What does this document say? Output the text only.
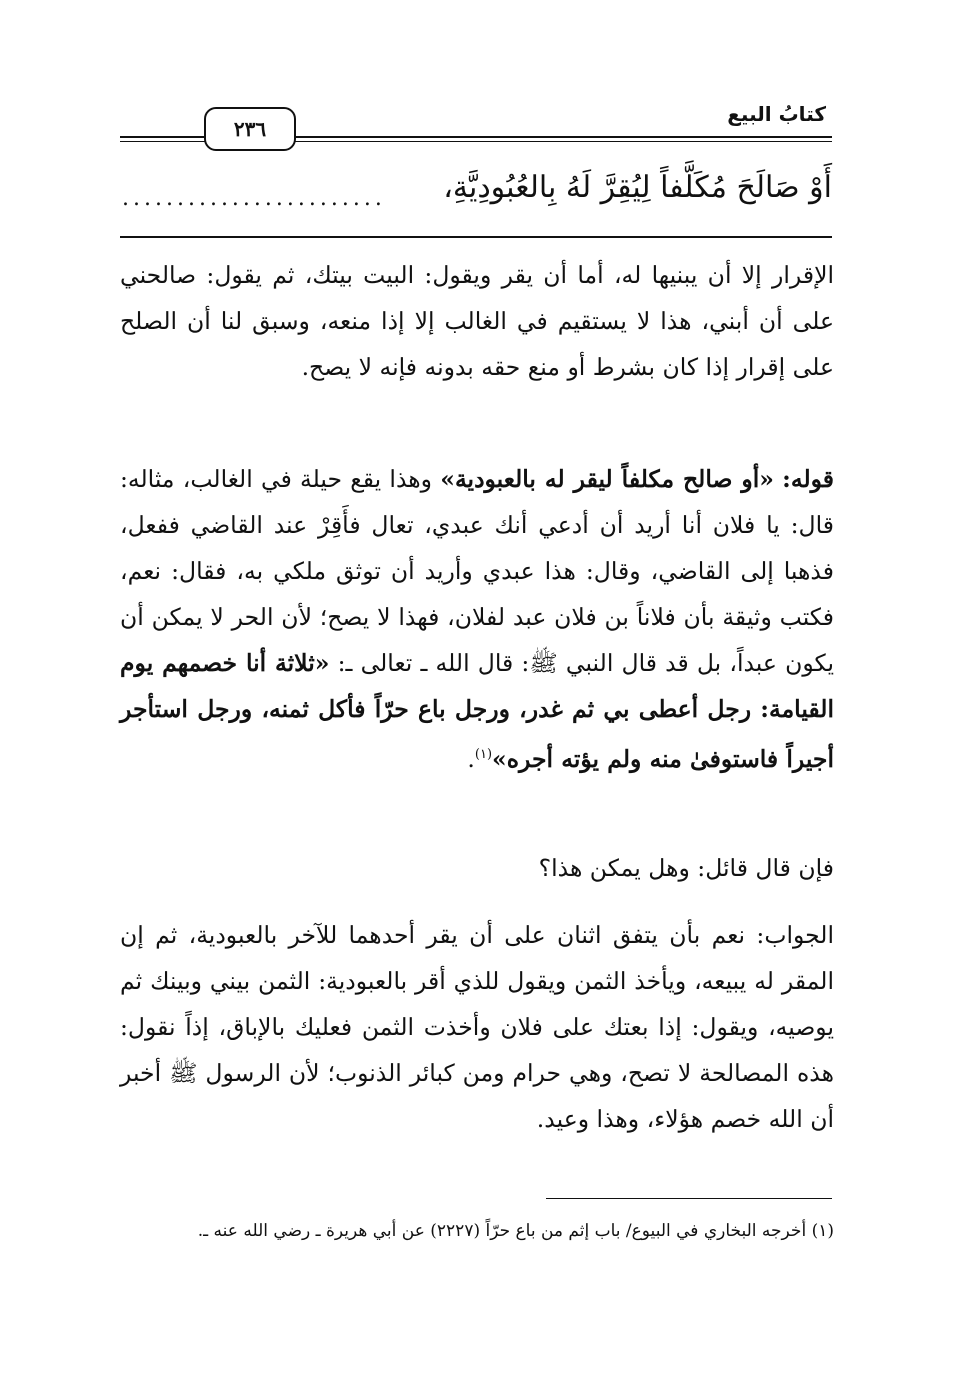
كتابُ البيع
٢٣٦
أَوْ صَالَحَ مُكَلَّفاً لِيُقِرَّ لَهُ بِالعُبُودِيَّةِ،
........................
الإقرار إلا أن يبنيها له، أما أن يقر ويقول: البيت بيتك، ثم يقول: صالحني على أن أبني، هذا لا يستقيم في الغالب إلا إذا منعه، وسبق لنا أن الصلح على إقرار إذا كان بشرط أو منع حقه بدونه فإنه لا يصح.
قوله: «أو صالح مكلفاً ليقر له بالعبودية» وهذا يقع حيلة في الغالب، مثاله: قال: يا فلان أنا أريد أن أدعي أنك عبدي، تعال فأَقِرْ عند القاضي ففعل، فذهبا إلى القاضي، وقال: هذا عبدي وأريد أن توثق ملكي به، فقال: نعم، فكتب وثيقة بأن فلاناً بن فلان عبد لفلان، فهذا لا يصح؛ لأن الحر لا يمكن أن يكون عبداً، بل قد قال النبي ﷺ: قال الله ـ تعالى ـ: «ثلاثة أنا خصمهم يوم القيامة: رجل أعطى بي ثم غدر، ورجل باع حرّاً فأكل ثمنه، ورجل استأجر أجيراً فاستوفىٰ منه ولم يؤته أجره»$^{(١)}$.
فإن قال قائل: وهل يمكن هذا؟
الجواب: نعم بأن يتفق اثنان على أن يقر أحدهما للآخر بالعبودية، ثم إن المقر له يبيعه، ويأخذ الثمن ويقول للذي أقر بالعبودية: الثمن بيني وبينك ثم يوصيه، ويقول: إذا بعتك على فلان وأخذت الثمن فعليك بالإباق، إذاً نقول: هذه المصالحة لا تصح، وهي حرام ومن كبائر الذنوب؛ لأن الرسول ﷺ أخبر أن الله خصم هؤلاء، وهذا وعيد.
(١) أخرجه البخاري في البيوع/ باب إثم من باع حرّاً (٢٢٢٧) عن أبي هريرة ـ رضي الله عنه ـ.
